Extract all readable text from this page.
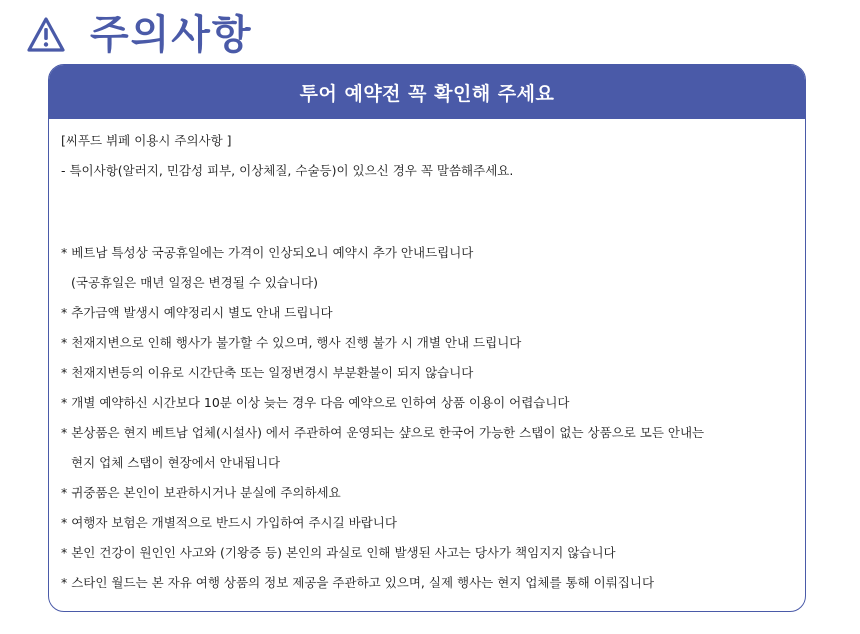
주의사항
투어 예약전 꼭 확인해 주세요
[씨푸드 뷔페 이용시 주의사항 ]
- 특이사항(알러지, 민감성 피부, 이상체질, 수술등)이 있으신 경우 꼭 말씀해주세요.
* 베트남 특성상 국공휴일에는 가격이 인상되오니 예약시 추가 안내드립니다
(국공휴일은 매년 일정은 변경될 수 있습니다)
* 추가금액 발생시 예약정리시 별도 안내 드립니다
* 천재지변으로 인해 행사가 불가할 수 있으며, 행사 진행 불가 시 개별 안내 드립니다
* 천재지변등의 이유로 시간단축 또는 일정변경시 부분환불이 되지 않습니다
* 개별 예약하신 시간보다 10분 이상 늦는 경우 다음 예약으로 인하여 상품 이용이 어렵습니다
* 본상품은 현지 베트남 업체(시설사) 에서 주관하여 운영되는 샾으로 한국어 가능한 스탭이 없는 상품으로 모든 안내는
현지 업체 스탭이 현장에서 안내됩니다
* 귀중품은 본인이 보관하시거나 분실에 주의하세요
* 여행자 보험은 개별적으로 반드시 가입하여 주시길 바랍니다
* 본인 건강이 원인인 사고와 (기왕증 등) 본인의 과실로 인해 발생된 사고는 당사가 책임지지 않습니다
* 스타인 월드는 본 자유 여행 상품의 정보 제공을 주관하고 있으며, 실제 행사는 현지 업체를 통해 이뤄집니다
